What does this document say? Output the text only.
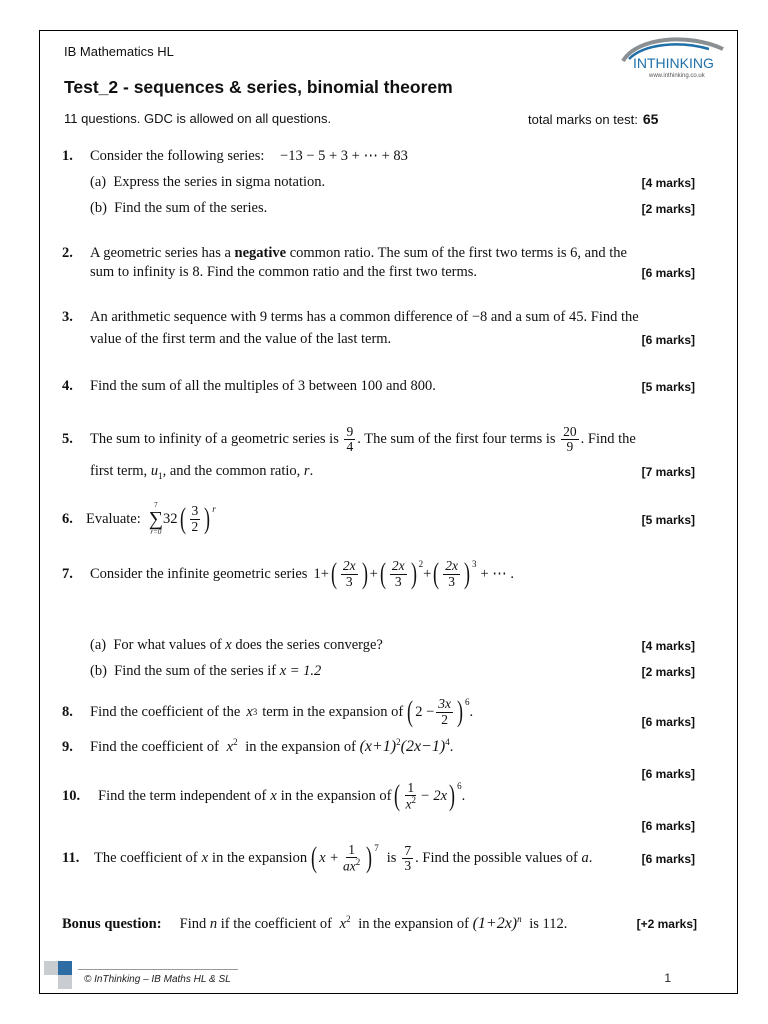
IB Mathematics HL
INTHINKING
www.inthinking.co.uk
Test_2 - sequences & series, binomial theorem
11 questions. GDC is allowed on all questions.	total marks on test: 65
1. Consider the following series: −13 − 5 + 3 + ⋯ + 83
(a) Express the series in sigma notation.	[4 marks]
(b) Find the sum of the series.	[2 marks]
2. A geometric series has a negative common ratio. The sum of the first two terms is 6, and the
sum to infinity is 8. Find the common ratio and the first two terms.	[6 marks]
3. An arithmetic sequence with 9 terms has a common difference of −8 and a sum of 45. Find the
value of the first term and the value of the last term.	[6 marks]
4. Find the sum of all the multiples of 3 between 100 and 800.	[5 marks]
5. The sum to infinity of a geometric series is $\frac{9}{4}$ . The sum of the first four terms is $\frac{20}{9}$ . Find the
first term, $u_1$, and the common ratio, r.	[7 marks]
6. Evaluate:
7
∑
r=0
32 ( $\frac{3}{2}$ ) r
[5 marks]
7.	Consider the infinite geometric series 1+ ( $\frac{2x}{3}$ ) + ( $\frac{2x}{3}$ ) 2
+ ( $\frac{2x}{3}$ ) 3
+ ⋯ .
(a) For what values of x does the series converge?	[4 marks]
(b) Find the sum of the series if x = 1.2	[2 marks]
8.	Find the coefficient of the x 3 term in the expansion of ( $2 - \frac{3x}{2}$ ) 6
.
[6 marks]
9. Find the coefficient of $x^2$ in the expansion of $(x+1)^2(2x-1)^4$.
[6 marks]
10.	Find the term independent of x in the expansion of ( $\frac{1}{x^2} - 2x$ ) 6
.
[6 marks]
11.	The coefficient of x in the expansion ( $x + \frac{1}{ax^2}$ ) 7
is $\frac{7}{3}$ . Find the possible values of
a .	[6 marks]
Bonus question: Find n if the coefficient of $x^2$ in the expansion of $(1+2x)^n$ is 112.	[+2 marks]
© InThinking – IB Maths HL & SL	1
